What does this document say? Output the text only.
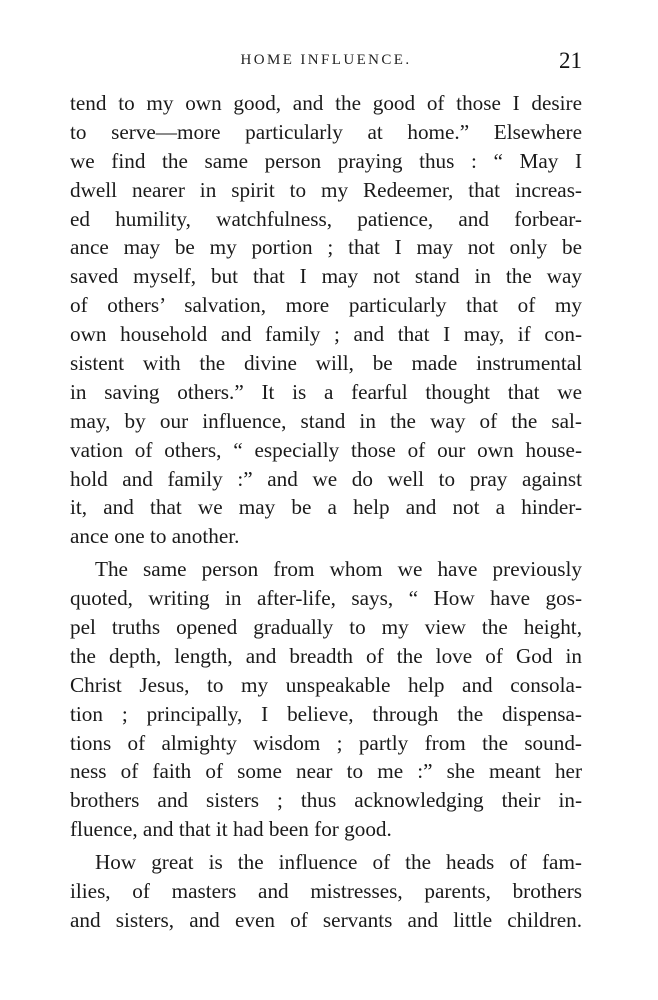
HOME INFLUENCE.	21
tend to my own good, and the good of those I desire
to serve—more particularly at home.” Elsewhere
we find the same person praying thus : “ May I
dwell nearer in spirit to my Redeemer, that increas-
ed humility, watchfulness, patience, and forbear-
ance may be my portion ; that I may not only be
saved myself, but that I may not stand in the way
of others’ salvation, more particularly that of my
own household and family ; and that I may, if con-
sistent with the divine will, be made instrumental
in saving others.” It is a fearful thought that we
may, by our influence, stand in the way of the sal-
vation of others, “ especially those of our own house-
hold and family :” and we do well to pray against
it, and that we may be a help and not a hinder-
ance one to another.
The same person from whom we have previously
quoted, writing in after-life, says, “ How have gos-
pel truths opened gradually to my view the height,
the depth, length, and breadth of the love of God in
Christ Jesus, to my unspeakable help and consola-
tion ; principally, I believe, through the dispensa-
tions of almighty wisdom ; partly from the sound-
ness of faith of some near to me :” she meant her
brothers and sisters ; thus acknowledging their in-
fluence, and that it had been for good.
How great is the influence of the heads of fam-
ilies, of masters and mistresses, parents, brothers
and sisters, and even of servants and little children.
